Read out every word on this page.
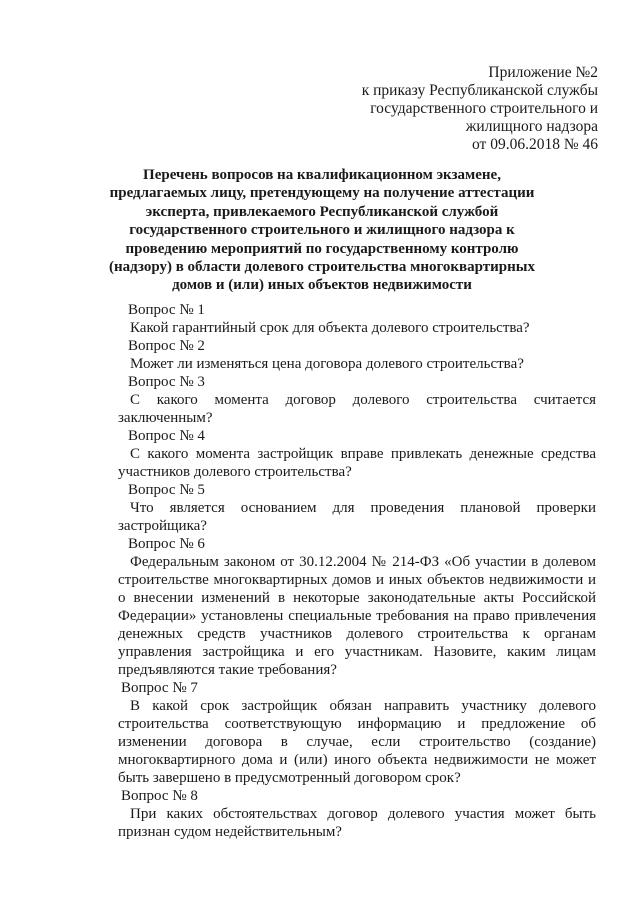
Приложение №2
к приказу Республиканской службы
государственного строительного и
жилищного надзора
от 09.06.2018 № 46
Перечень вопросов на квалификационном экзамене, предлагаемых лицу, претендующему на получение аттестации эксперта, привлекаемого Республиканской службой государственного строительного и жилищного надзора к проведению мероприятий по государственному контролю (надзору) в области долевого строительства многоквартирных домов и (или) иных объектов недвижимости
Вопрос № 1
Какой гарантийный срок для объекта долевого строительства?
Вопрос № 2
Может ли изменяться цена договора долевого строительства?
Вопрос № 3
С какого момента договор долевого строительства считается заключенным?
Вопрос № 4
С какого момента застройщик вправе привлекать денежные средства участников долевого строительства?
Вопрос № 5
Что является основанием для проведения плановой проверки застройщика?
Вопрос № 6
Федеральным законом от 30.12.2004 № 214-ФЗ «Об участии в долевом строительстве многоквартирных домов и иных объектов недвижимости и о внесении изменений в некоторые законодательные акты Российской Федерации» установлены специальные требования на право привлечения денежных средств участников долевого строительства к органам управления застройщика и его участникам. Назовите, каким лицам предъявляются такие требования?
Вопрос № 7
В какой срок застройщик обязан направить участнику долевого строительства соответствующую информацию и предложение об изменении договора в случае, если строительство (создание) многоквартирного дома и (или) иного объекта недвижимости не может быть завершено в предусмотренный договором срок?
Вопрос № 8
При каких обстоятельствах договор долевого участия может быть признан судом недействительным?
